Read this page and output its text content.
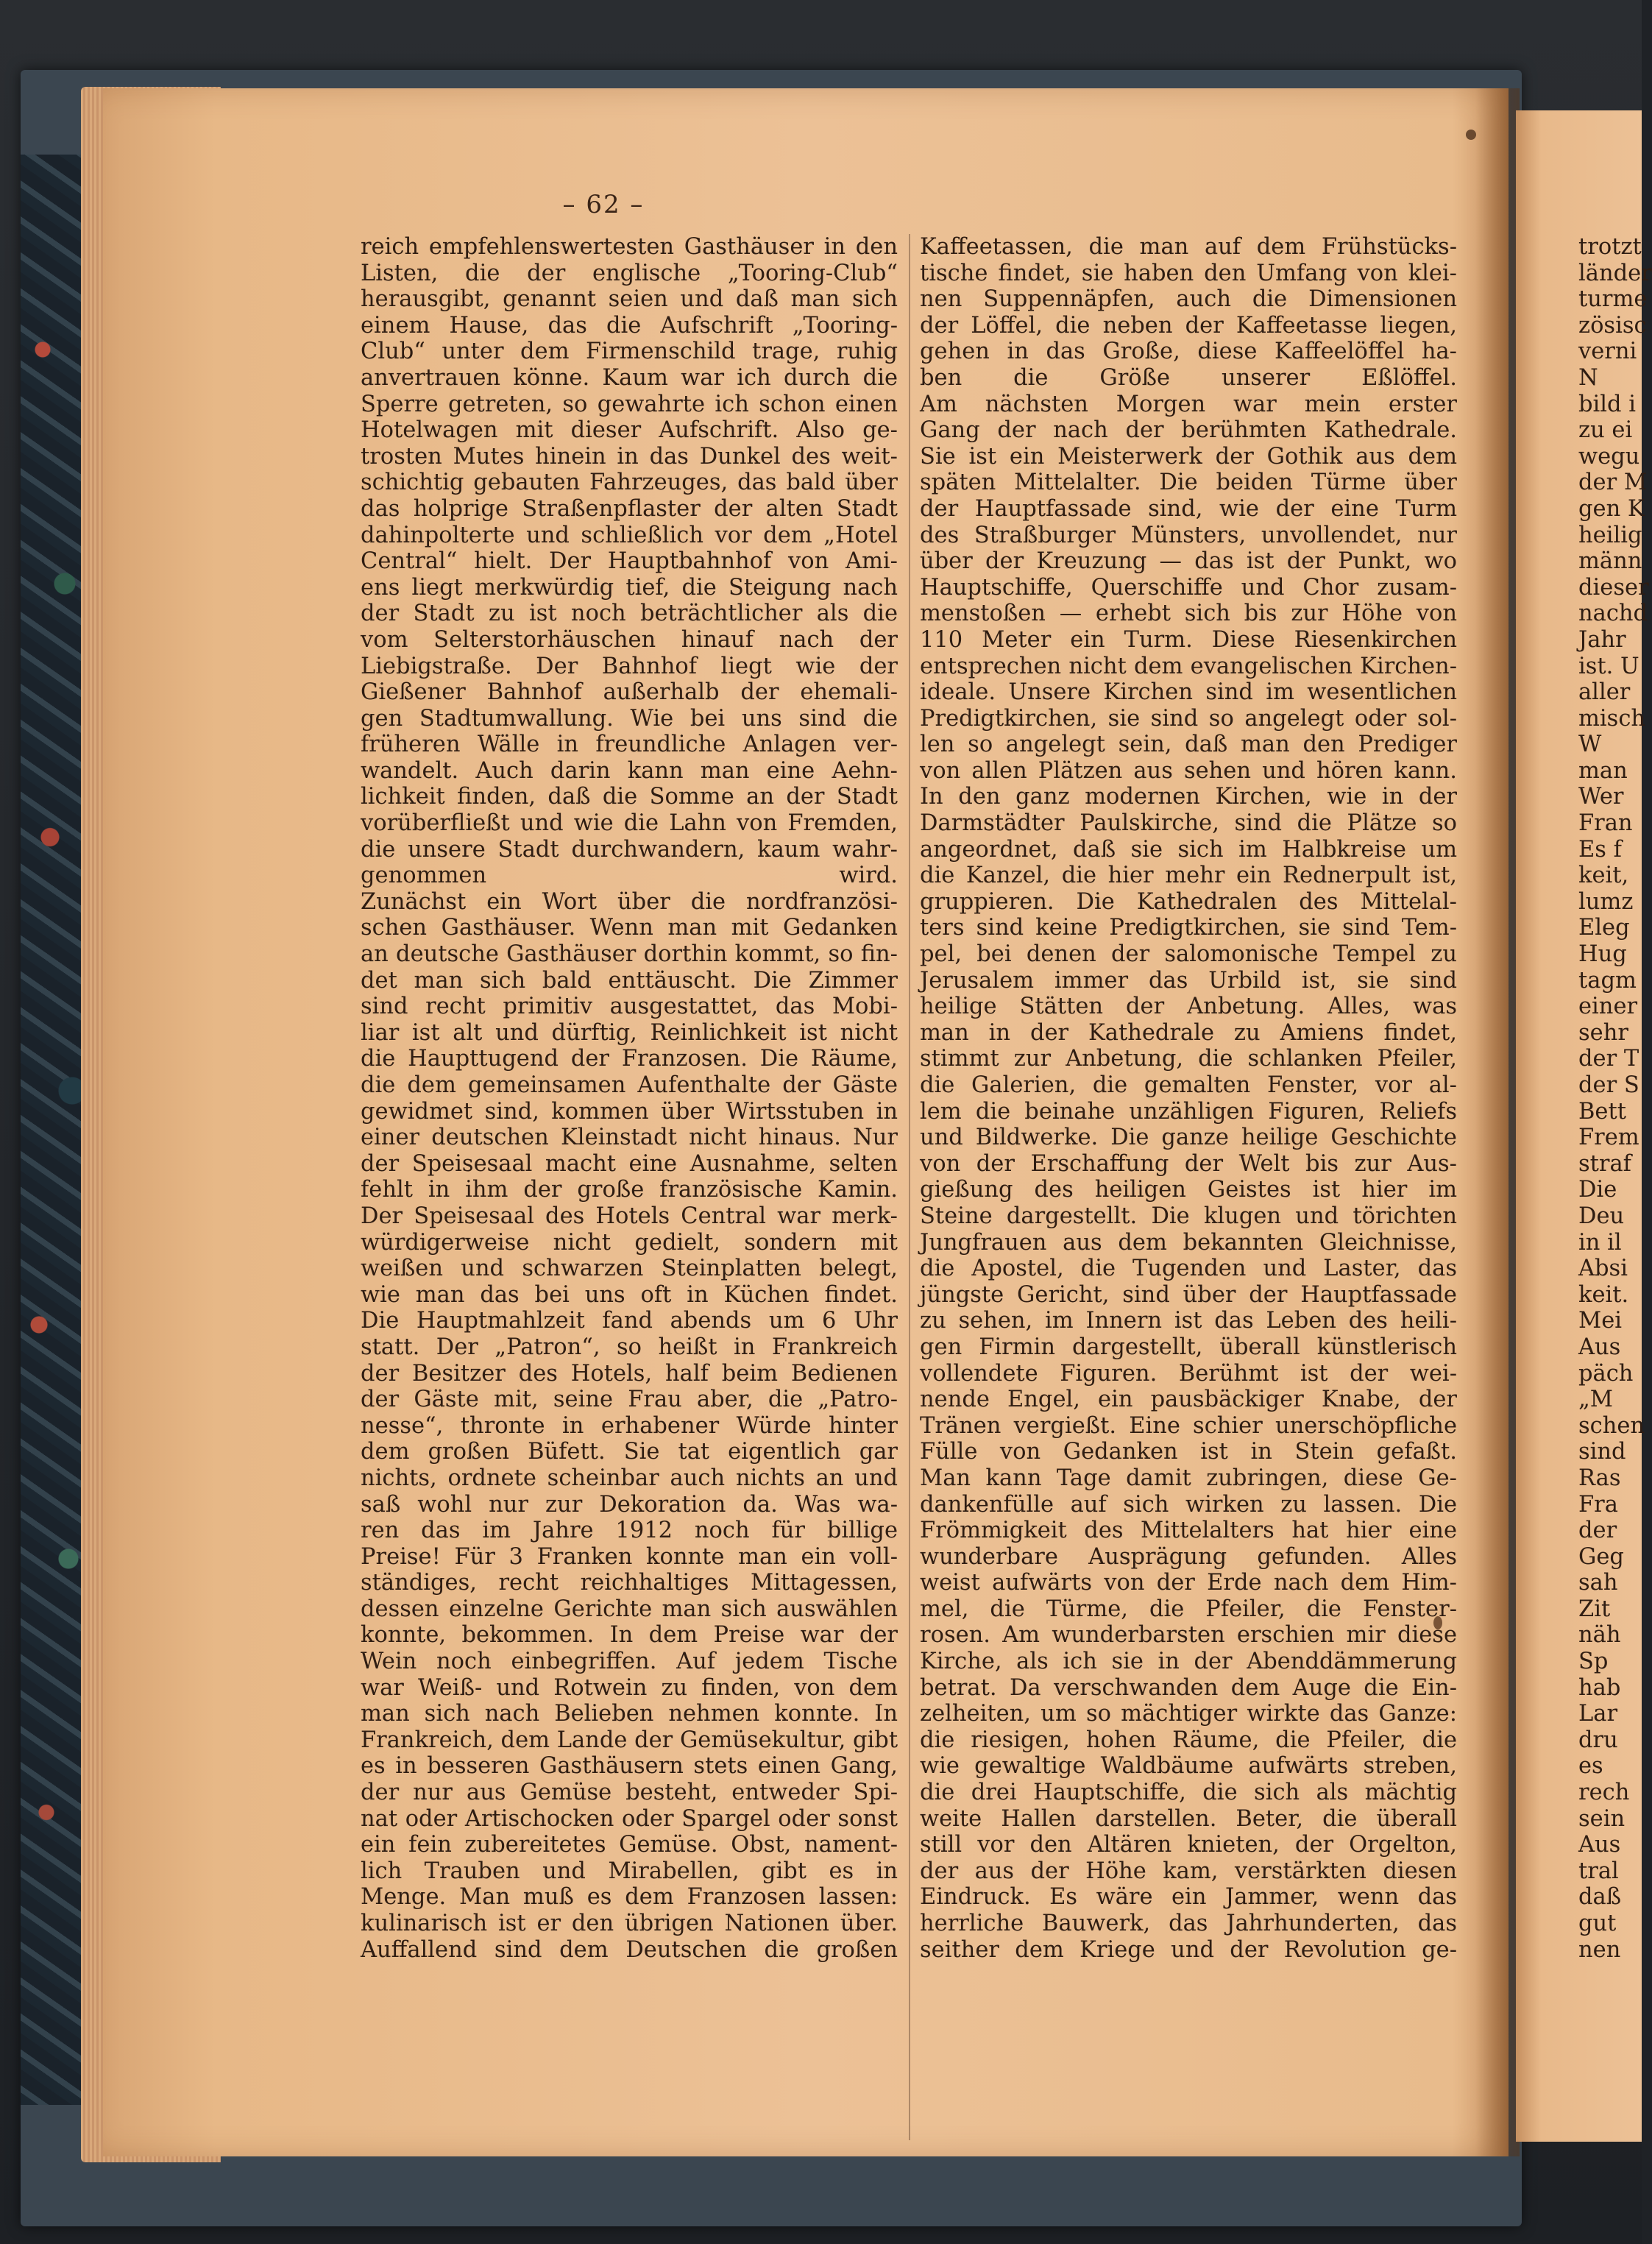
– 62 –
reich empfehlenswertesten Gasthäuser in den
Listen, die der englische „Tooring-Club“
herausgibt, genannt seien und daß man sich
einem Hause, das die Aufschrift „Tooring-
Club“ unter dem Firmenschild trage, ruhig
anvertrauen könne. Kaum war ich durch die
Sperre getreten, so gewahrte ich schon einen
Hotelwagen mit dieser Aufschrift. Also ge-
trosten Mutes hinein in das Dunkel des weit-
schichtig gebauten Fahrzeuges, das bald über
das holprige Straßenpflaster der alten Stadt
dahinpolterte und schließlich vor dem „Hotel
Central“ hielt. Der Hauptbahnhof von Ami-
ens liegt merkwürdig tief, die Steigung nach
der Stadt zu ist noch beträchtlicher als die
vom Selterstorhäuschen hinauf nach der
Liebigstraße. Der Bahnhof liegt wie der
Gießener Bahnhof außerhalb der ehemali-
gen Stadtumwallung. Wie bei uns sind die
früheren Wälle in freundliche Anlagen ver-
wandelt. Auch darin kann man eine Aehn-
lichkeit finden, daß die Somme an der Stadt
vorüberfließt und wie die Lahn von Fremden,
die unsere Stadt durchwandern, kaum wahr-
genommen wird.
Zunächst ein Wort über die nordfranzösi-
schen Gasthäuser. Wenn man mit Gedanken
an deutsche Gasthäuser dorthin kommt, so fin-
det man sich bald enttäuscht. Die Zimmer
sind recht primitiv ausgestattet, das Mobi-
liar ist alt und dürftig, Reinlichkeit ist nicht
die Haupttugend der Franzosen. Die Räume,
die dem gemeinsamen Aufenthalte der Gäste
gewidmet sind, kommen über Wirtsstuben in
einer deutschen Kleinstadt nicht hinaus. Nur
der Speisesaal macht eine Ausnahme, selten
fehlt in ihm der große französische Kamin.
Der Speisesaal des Hotels Central war merk-
würdigerweise nicht gedielt, sondern mit
weißen und schwarzen Steinplatten belegt,
wie man das bei uns oft in Küchen findet.
Die Hauptmahlzeit fand abends um 6 Uhr
statt. Der „Patron“, so heißt in Frankreich
der Besitzer des Hotels, half beim Bedienen
der Gäste mit, seine Frau aber, die „Patro-
nesse“, thronte in erhabener Würde hinter
dem großen Büfett. Sie tat eigentlich gar
nichts, ordnete scheinbar auch nichts an und
saß wohl nur zur Dekoration da. Was wa-
ren das im Jahre 1912 noch für billige
Preise! Für 3 Franken konnte man ein voll-
ständiges, recht reichhaltiges Mittagessen,
dessen einzelne Gerichte man sich auswählen
konnte, bekommen. In dem Preise war der
Wein noch einbegriffen. Auf jedem Tische
war Weiß- und Rotwein zu finden, von dem
man sich nach Belieben nehmen konnte. In
Frankreich, dem Lande der Gemüsekultur, gibt
es in besseren Gasthäusern stets einen Gang,
der nur aus Gemüse besteht, entweder Spi-
nat oder Artischocken oder Spargel oder sonst
ein fein zubereitetes Gemüse. Obst, nament-
lich Trauben und Mirabellen, gibt es in
Menge. Man muß es dem Franzosen lassen:
kulinarisch ist er den übrigen Nationen über.
Auffallend sind dem Deutschen die großen
Kaffeetassen, die man auf dem Frühstücks-
tische findet, sie haben den Umfang von klei-
nen Suppennäpfen, auch die Dimensionen
der Löffel, die neben der Kaffeetasse liegen,
gehen in das Große, diese Kaffeelöffel ha-
ben die Größe unserer Eßlöffel.
Am nächsten Morgen war mein erster
Gang der nach der berühmten Kathedrale.
Sie ist ein Meisterwerk der Gothik aus dem
späten Mittelalter. Die beiden Türme über
der Hauptfassade sind, wie der eine Turm
des Straßburger Münsters, unvollendet, nur
über der Kreuzung — das ist der Punkt, wo
Hauptschiffe, Querschiffe und Chor zusam-
menstoßen — erhebt sich bis zur Höhe von
110 Meter ein Turm. Diese Riesenkirchen
entsprechen nicht dem evangelischen Kirchen-
ideale. Unsere Kirchen sind im wesentlichen
Predigtkirchen, sie sind so angelegt oder sol-
len so angelegt sein, daß man den Prediger
von allen Plätzen aus sehen und hören kann.
In den ganz modernen Kirchen, wie in der
Darmstädter Paulskirche, sind die Plätze so
angeordnet, daß sie sich im Halbkreise um
die Kanzel, die hier mehr ein Rednerpult ist,
gruppieren. Die Kathedralen des Mittelal-
ters sind keine Predigtkirchen, sie sind Tem-
pel, bei denen der salomonische Tempel zu
Jerusalem immer das Urbild ist, sie sind
heilige Stätten der Anbetung. Alles, was
man in der Kathedrale zu Amiens findet,
stimmt zur Anbetung, die schlanken Pfeiler,
die Galerien, die gemalten Fenster, vor al-
lem die beinahe unzähligen Figuren, Reliefs
und Bildwerke. Die ganze heilige Geschichte
von der Erschaffung der Welt bis zur Aus-
gießung des heiligen Geistes ist hier im
Steine dargestellt. Die klugen und törichten
Jungfrauen aus dem bekannten Gleichnisse,
die Apostel, die Tugenden und Laster, das
jüngste Gericht, sind über der Hauptfassade
zu sehen, im Innern ist das Leben des heili-
gen Firmin dargestellt, überall künstlerisch
vollendete Figuren. Berühmt ist der wei-
nende Engel, ein pausbäckiger Knabe, der
Tränen vergießt. Eine schier unerschöpfliche
Fülle von Gedanken ist in Stein gefaßt.
Man kann Tage damit zubringen, diese Ge-
dankenfülle auf sich wirken zu lassen. Die
Frömmigkeit des Mittelalters hat hier eine
wunderbare Ausprägung gefunden. Alles
weist aufwärts von der Erde nach dem Him-
mel, die Türme, die Pfeiler, die Fenster-
rosen. Am wunderbarsten erschien mir diese
Kirche, als ich sie in der Abenddämmerung
betrat. Da verschwanden dem Auge die Ein-
zelheiten, um so mächtiger wirkte das Ganze:
die riesigen, hohen Räume, die Pfeiler, die
wie gewaltige Waldbäume aufwärts streben,
die drei Hauptschiffe, die sich als mächtig
weite Hallen darstellen. Beter, die überall
still vor den Altären knieten, der Orgelton,
der aus der Höhe kam, verstärkten diesen
Eindruck. Es wäre ein Jammer, wenn das
herrliche Bauwerk, das Jahrhunderten, das
seither dem Kriege und der Revolution ge-
trotzt
länder
turme
zösisc
verni
N
bild i
zu ei
wegu
der M
gen K
heilig
männ
dieser
nachd
Jahr
ist. U
aller
misch
W
man
Wer
Fran
Es f
keit,
lumz
Eleg
Hug
tagm
einer
sehr
der T
der S
Bett
Frem
straf
Die
Deu
in il
Absi
keit.
Mei
Aus
päch
„M
schen
sind
Ras
Fra
der
Geg
sah
Zit
näh
Sp
hab
Lar
dru
es
rech
sein
Aus
tral
daß
gut
nen
